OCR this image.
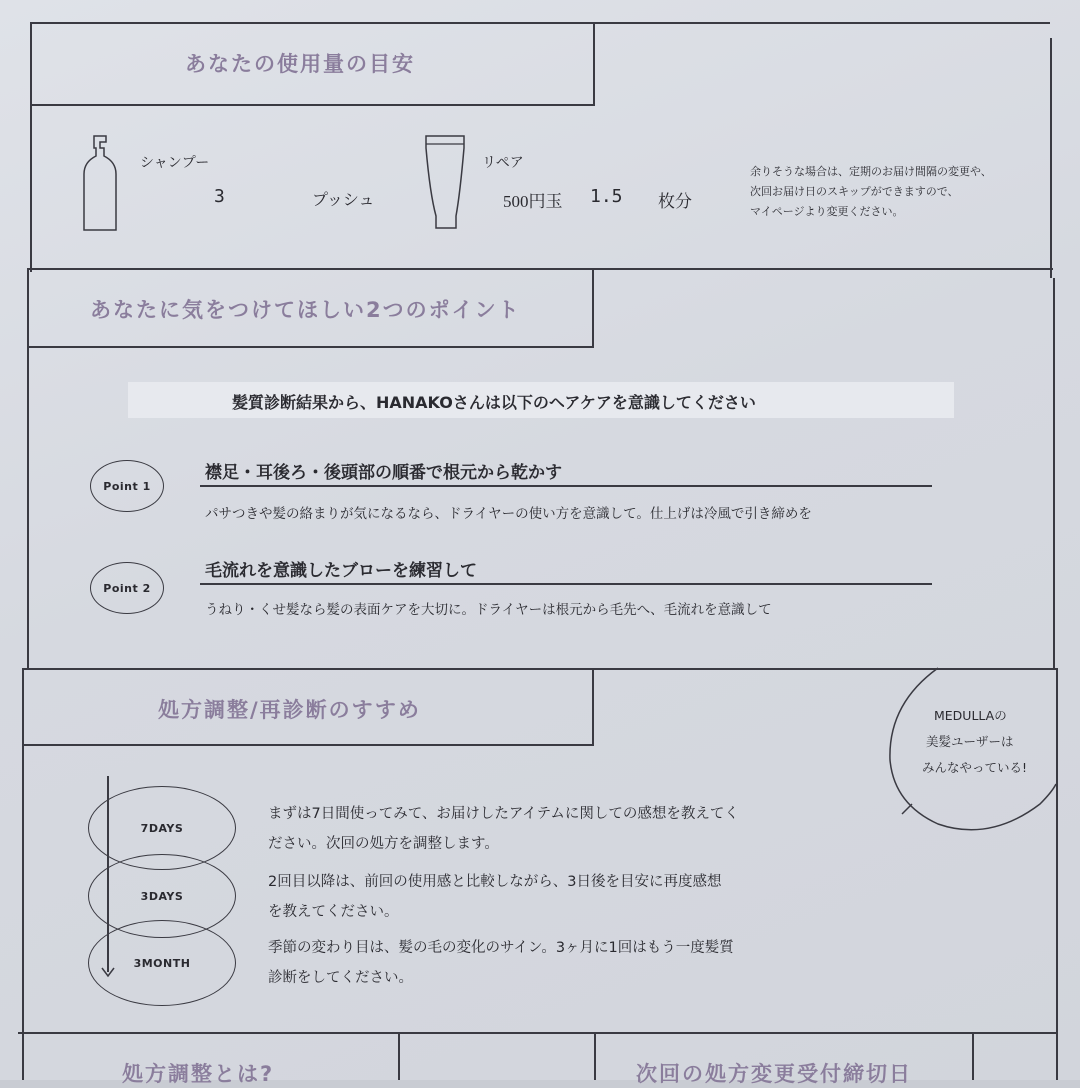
あなたの使用量の目安
シャンプー
3	プッシュ
リペア
500円玉 1.5 枚分
余りそうな場合は、定期のお届け間隔の変更や、
次回お届け日のスキップができますので、
マイページより変更ください。
あなたに気をつけてほしい2つのポイント
髪質診断結果から、HANAKOさんは以下のヘアケアを意識してください
Point 1
襟足・耳後ろ・後頭部の順番で根元から乾かす
パサつきや髪の絡まりが気になるなら、ドライヤーの使い方を意識して。仕上げは冷風で引き締めを
Point 2
毛流れを意識したブローを練習して
うねり・くせ髪なら髪の表面ケアを大切に。ドライヤーは根元から毛先へ、毛流れを意識して
処方調整/再診断のすすめ	MEDULLAの
美髪ユーザーは
みんなやっている!
7DAYS
3DAYS
3MONTH
まずは7日間使ってみて、お届けしたアイテムに関しての感想を教えてく
ださい。次回の処方を調整します。
2回目以降は、前回の使用感と比較しながら、3日後を目安に再度感想
を教えてください。
季節の変わり目は、髪の毛の変化のサイン。3ヶ月に1回はもう一度髪質
診断をしてください。
処方調整とは?	次回の処方変更受付締切日
